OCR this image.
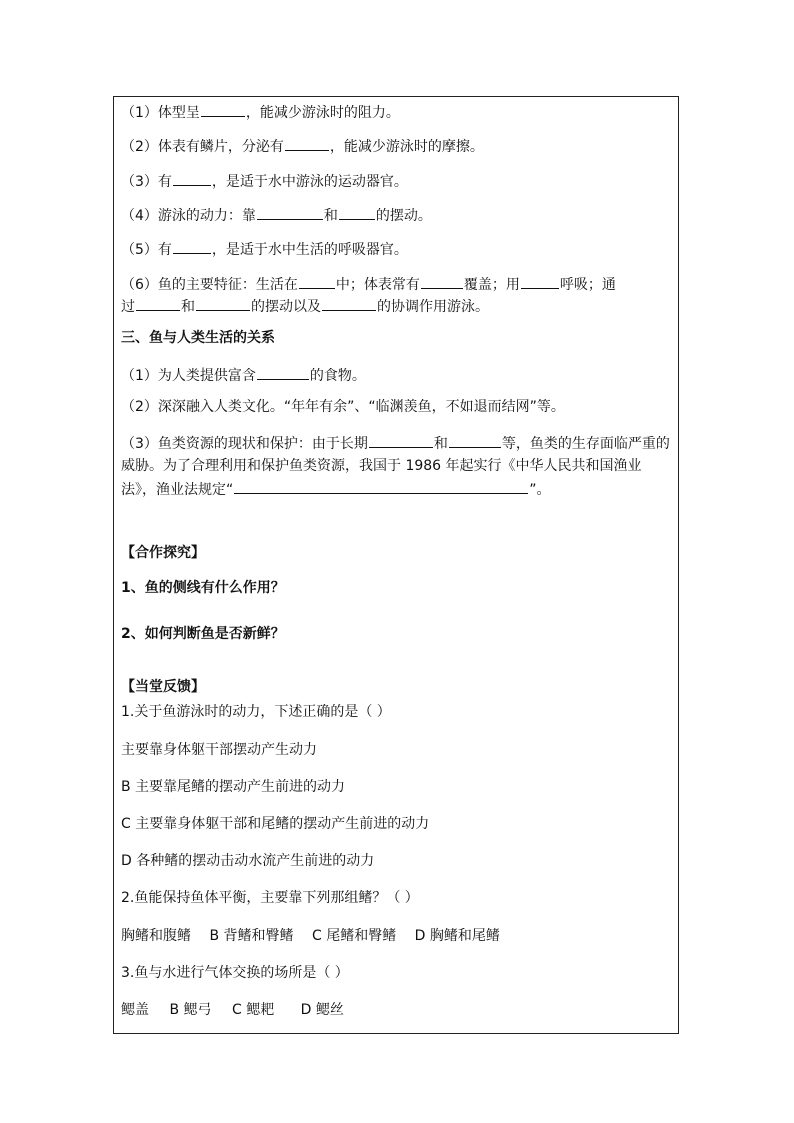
（1）体型呈	，能减少游泳时的阻力。
（2）体表有鳞片，分泌有	，能减少游泳时的摩擦。
（3）有	，是适于水中游泳的运动器官。
（4）游泳的动力：靠	和	的摆动。
（5）有	，是适于水中生活的呼吸器官。
（6）鱼的主要特征：生活在	中；体表常有	覆盖；用	呼吸；通
过	和	的摆动以及	的协调作用游泳。
三、鱼与人类生活的关系
（1）为人类提供富含	的食物。
（2）深深融入人类文化。“年年有余”、“临渊羡鱼，不如退而结网”等。
（3）鱼类资源的现状和保护：由于长期	和	等，鱼类的生存面临严重的威胁。为了合理利用和保护鱼类资源，我国于 1986 年起实行《中华人民共和国渔业法》，渔业法规定“	”。
【合作探究】
1、鱼的侧线有什么作用？
2、如何判断鱼是否新鲜？
【当堂反馈】
1.关于鱼游泳时的动力，下述正确的是（ ）
主要靠身体躯干部摆动产生动力
B 主要靠尾鳍的摆动产生前进的动力
C 主要靠身体躯干部和尾鳍的摆动产生前进的动力
D 各种鳍的摆动击动水流产生前进的动力
2.鱼能保持鱼体平衡，主要靠下列那组鳍？（ ）
胸鳍和腹鳍 B 背鳍和臀鳍 C 尾鳍和臀鳍 D 胸鳍和尾鳍
3.鱼与水进行气体交换的场所是（ ）
鳃盖 B 鳃弓 C 鳃耙 D 鳃丝
